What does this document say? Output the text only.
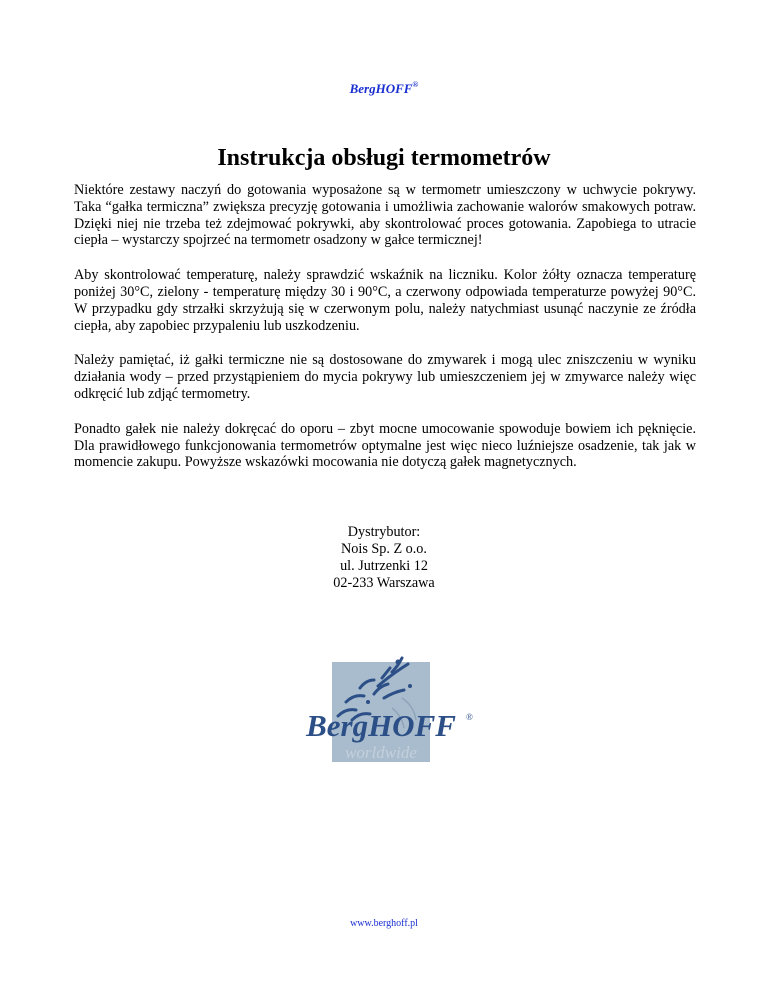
BergHOFF®
Instrukcja obsługi termometrów

Niektóre zestawy naczyń do gotowania wyposażone są w termometr umieszczony w uchwycie pokrywy. Taka “gałka termiczna” zwiększa precyzję gotowania i umożliwia zachowanie walorów smakowych potraw. Dzięki niej nie trzeba też zdejmować pokrywki, aby skontrolować proces gotowania. Zapobiega to utracie ciepła – wystarczy spojrzeć na termometr osadzony w gałce termicznej!

Aby skontrolować temperaturę, należy sprawdzić wskaźnik na liczniku. Kolor żółty oznacza temperaturę poniżej 30°C, zielony - temperaturę między 30 i 90°C, a czerwony odpowiada temperaturze powyżej 90°C. W przypadku gdy strzałki skrzyżują się w czerwonym polu, należy natychmiast usunąć naczynie ze źródła ciepła, aby zapobiec przypaleniu lub uszkodzeniu.

Należy pamiętać, iż gałki termiczne nie są dostosowane do zmywarek i mogą ulec zniszczeniu w wyniku działania wody – przed przystąpieniem do mycia pokrywy lub umieszczeniem jej w zmywarce należy więc odkręcić lub zdjąć termometry.

Ponadto gałek nie należy dokręcać do oporu – zbyt mocne umocowanie spowoduje bowiem ich pęknięcie. Dla prawidłowego funkcjonowania termometrów optymalne jest więc nieco luźniejsze osadzenie, tak jak w momencie zakupu. Powyższe wskazówki mocowania nie dotyczą gałek magnetycznych.

Dystrybutor:
Nois Sp. Z o.o.
ul. Jutrzenki 12
02-233 Warszawa
BergHOFF ®
worldwide
www.berghoff.pl
